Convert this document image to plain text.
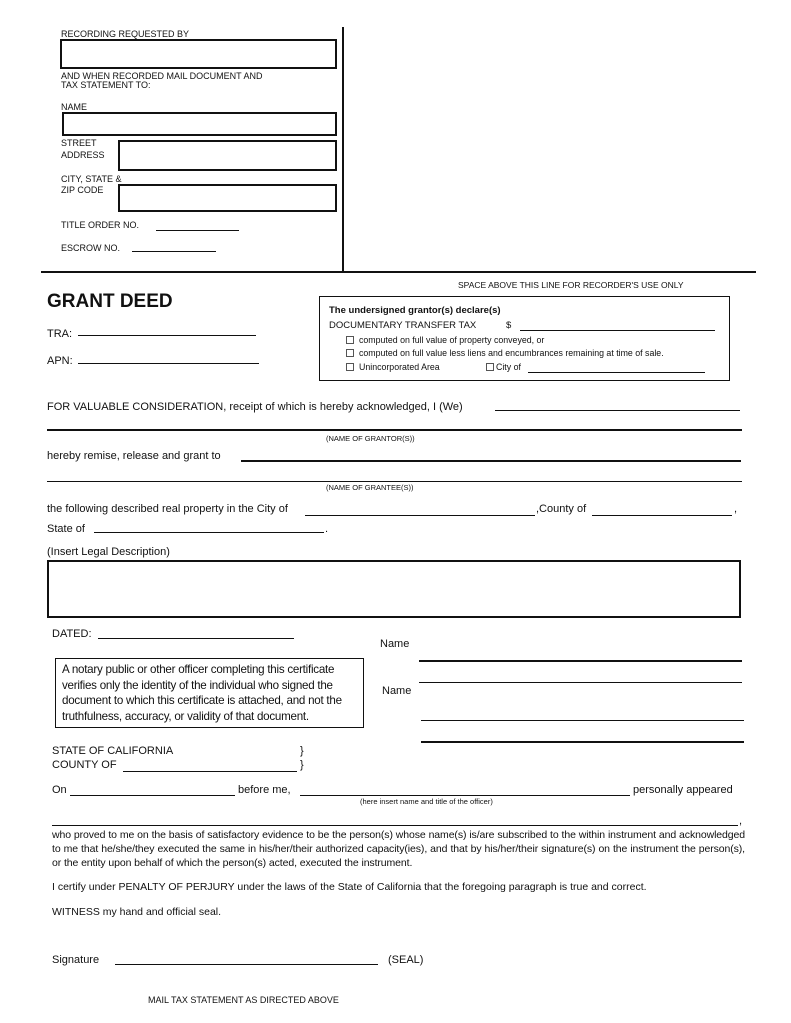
RECORDING REQUESTED BY
AND WHEN RECORDED MAIL DOCUMENT AND
TAX STATEMENT TO:
NAME
STREET
ADDRESS
CITY, STATE &
ZIP CODE
TITLE ORDER NO.
ESCROW NO.
SPACE ABOVE THIS LINE FOR RECORDER'S USE ONLY
GRANT DEED
TRA:
APN:
The undersigned grantor(s) declare(s)
DOCUMENTARY TRANSFER TAX	$
computed on full value of property conveyed, or
computed on full value less liens and encumbrances remaining at time of sale.
Unincorporated Area	City of
FOR VALUABLE CONSIDERATION, receipt of which is hereby acknowledged, I (We)
(NAME OF GRANTOR(S))
hereby remise, release and grant to
(NAME OF GRANTEE(S))
the following described real property in the City of	,County of	,
State of	.
(Insert Legal Description)
DATED:
Name
Name
A notary public or other officer completing this certificate verifies only the identity of the individual who signed the document to which this certificate is attached, and not the truthfulness, accuracy, or validity of that document.
STATE OF CALIFORNIA	}
COUNTY OF	}
On	before me,
(here insert name and title of the officer)
personally appeared
,
who proved to me on the basis of satisfactory evidence to be the person(s) whose name(s) is/are subscribed to the within instrument and acknowledged to me that he/she/they executed the same in his/her/their authorized capacity(ies), and that by his/her/their signature(s) on the instrument the person(s), or the entity upon behalf of which the person(s) acted, executed the instrument.
I certify under PENALTY OF PERJURY under the laws of the State of California that the foregoing paragraph is true and correct.
WITNESS my hand and official seal.
Signature	(SEAL)
MAIL TAX STATEMENT AS DIRECTED ABOVE
